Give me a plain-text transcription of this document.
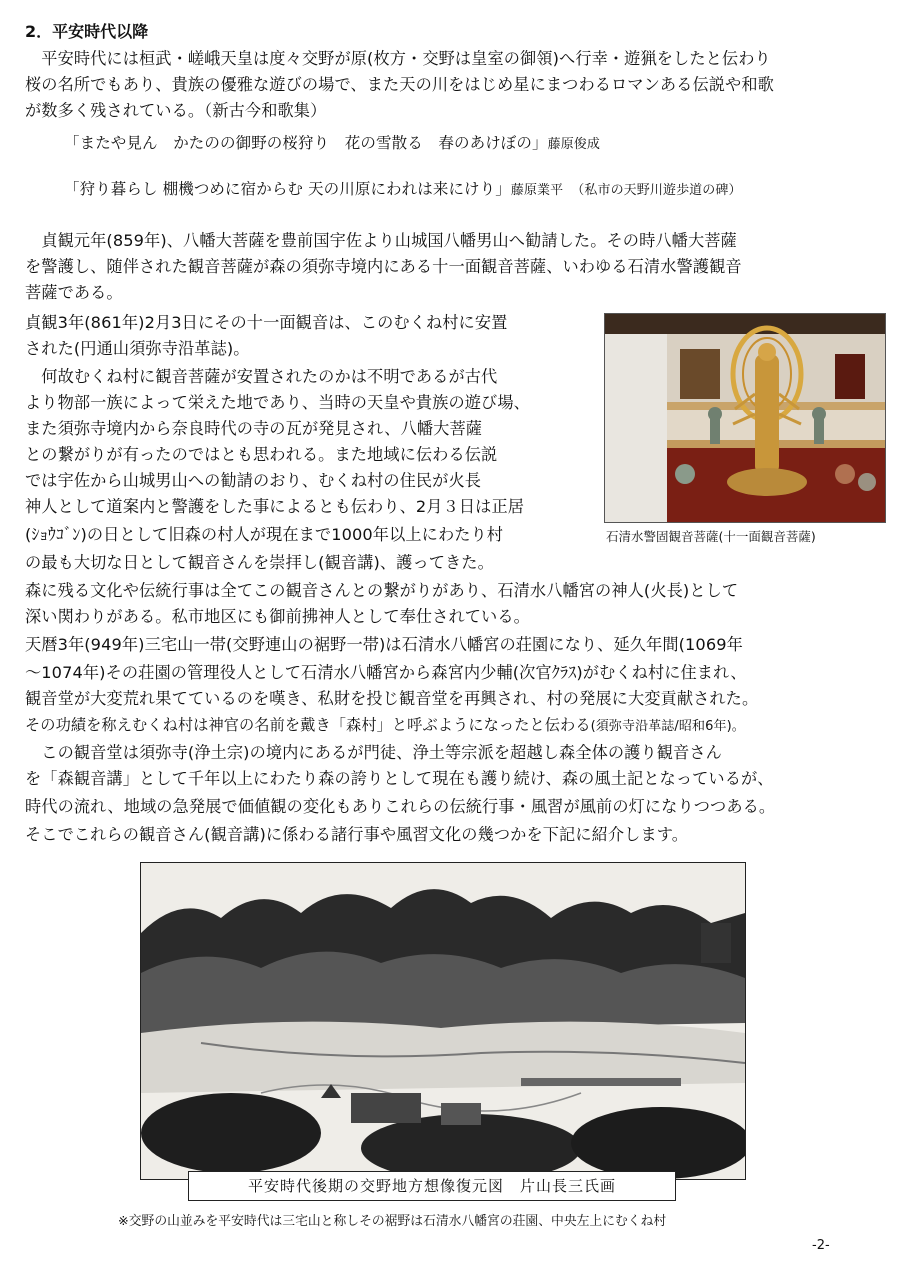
2．平安時代以降
　平安時代には桓武・嵯峨天皇は度々交野が原(枚方・交野は皇室の御領)へ行幸・遊猟をしたと伝わり
桜の名所でもあり、貴族の優雅な遊びの場で、また天の川をはじめ星にまつわるロマンある伝説や和歌
が数多く残されている。（新古今和歌集）
「またや見ん　かたのの御野の桜狩り　花の雪散る　春のあけぼの」藤原俊成
「狩り暮らし 棚機つめに宿からむ 天の川原にわれは来にけり」藤原業平 （私市の天野川遊歩道の碑）
　貞観元年(859年)、八幡大菩薩を豊前国宇佐より山城国八幡男山へ勧請した。その時八幡大菩薩
を警護し、随伴された観音菩薩が森の須弥寺境内にある十一面観音菩薩、いわゆる石清水警護観音
菩薩である。
貞観3年(861年)2月3日にその十一面観音は、このむくね村に安置
された(円通山須弥寺沿革誌)。
　何故むくね村に観音菩薩が安置されたのかは不明であるが古代
より物部一族によって栄えた地であり、当時の天皇や貴族の遊び場、
また須弥寺境内から奈良時代の寺の瓦が発見され、八幡大菩薩
との繋がりが有ったのではとも思われる。また地域に伝わる伝説
では宇佐から山城男山への勧請のおり、むくね村の住民が火長
神人として道案内と警護をした事によるとも伝わり、2月３日は正居
(ｼｮｳｺﾞﾝ)の日として旧森の村人が現在まで1000年以上にわたり村
の最も大切な日として観音さんを崇拝し(観音講)、護ってきた。
石清水警固観音菩薩(十一面観音菩薩)
森に残る文化や伝統行事は全てこの観音さんとの繋がりがあり、石清水八幡宮の神人(火長)として
深い関わりがある。私市地区にも御前拂神人として奉仕されている。
天暦3年(949年)三宅山一帯(交野連山の裾野一帯)は石清水八幡宮の荘園になり、延久年間(1069年
～1074年)その荘園の管理役人として石清水八幡宮から森宮内少輔(次官ｸﾗｽ)がむくね村に住まれ、
観音堂が大変荒れ果てているのを嘆き、私財を投じ観音堂を再興され、村の発展に大変貢献された。
その功績を称えむくね村は神官の名前を戴き「森村」と呼ぶようになったと伝わる(須弥寺沿革誌/昭和6年)。
　この観音堂は須弥寺(浄土宗)の境内にあるが門徒、浄土等宗派を超越し森全体の護り観音さん
を「森観音講」として千年以上にわたり森の誇りとして現在も護り続け、森の風土記となっているが、
時代の流れ、地域の急発展で価値観の変化もありこれらの伝統行事・風習が風前の灯になりつつある。
そこでこれらの観音さん(観音講)に係わる諸行事や風習文化の幾つかを下記に紹介します。
平安時代後期の交野地方想像復元図　片山長三氏画
※交野の山並みを平安時代は三宅山と称しその裾野は石清水八幡宮の荘園、中央左上にむくね村
-2-
